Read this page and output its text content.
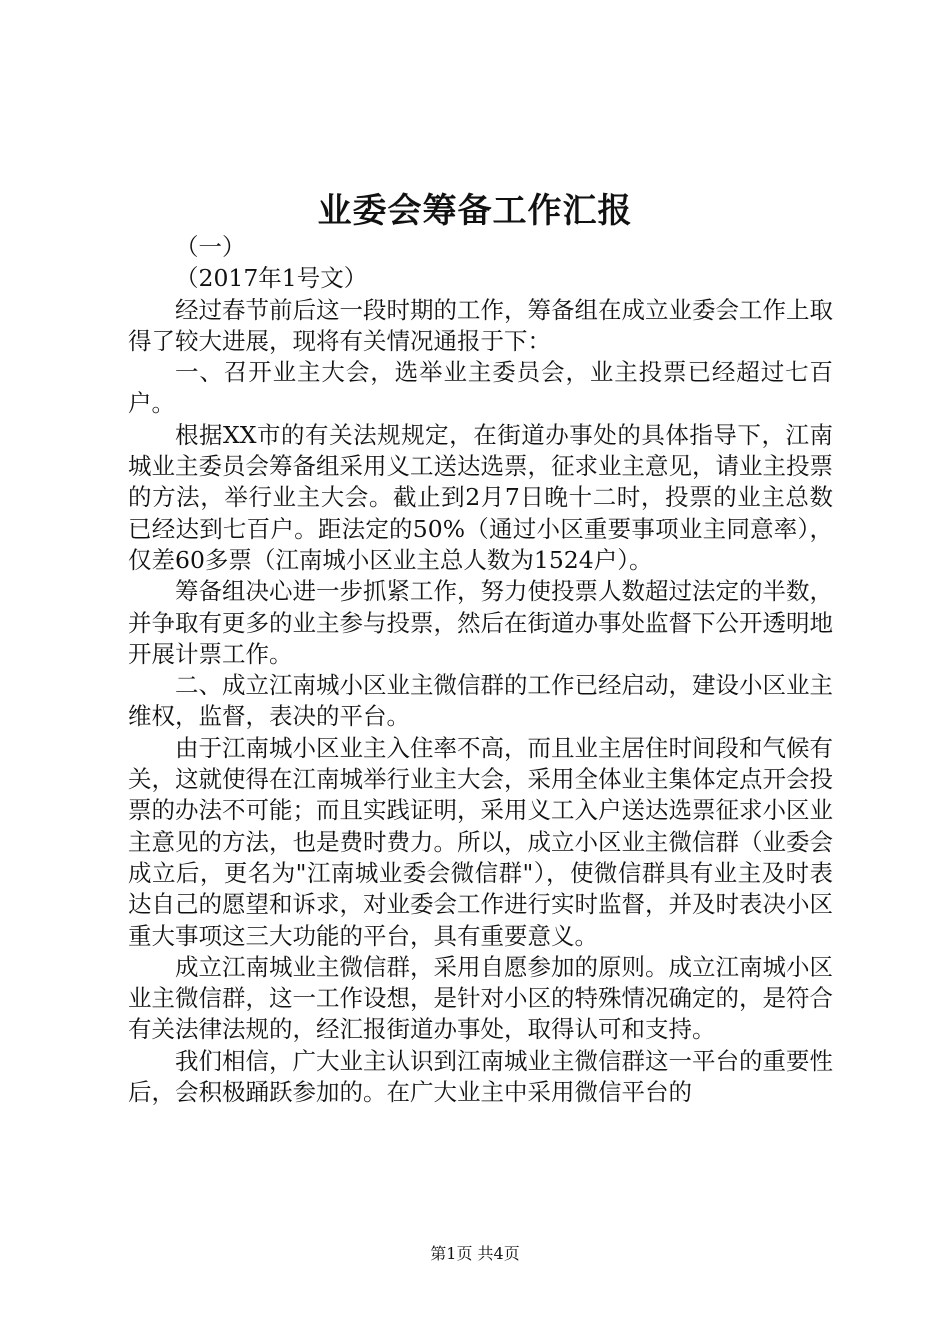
业委会筹备工作汇报

（一）

（2017年1号文）

经过春节前后这一段时期的工作，筹备组在成立业委会工作上取得了较大进展，现将有关情况通报于下：

一、召开业主大会，选举业主委员会，业主投票已经超过七百户。

根据XX市的有关法规规定，在街道办事处的具体指导下，江南城业主委员会筹备组采用义工送达选票，征求业主意见，请业主投票的方法，举行业主大会。截止到2月7日晚十二时，投票的业主总数已经达到七百户。距法定的50%（通过小区重要事项业主同意率），仅差60多票（江南城小区业主总人数为1524户）。

筹备组决心进一步抓紧工作，努力使投票人数超过法定的半数，并争取有更多的业主参与投票，然后在街道办事处监督下公开透明地开展计票工作。

二、成立江南城小区业主微信群的工作已经启动，建设小区业主维权，监督，表决的平台。

由于江南城小区业主入住率不高，而且业主居住时间段和气候有关，这就使得在江南城举行业主大会，采用全体业主集体定点开会投票的办法不可能；而且实践证明，采用义工入户送达选票征求小区业主意见的方法，也是费时费力。所以，成立小区业主微信群（业委会成立后，更名为"江南城业委会微信群"），使微信群具有业主及时表达自己的愿望和诉求，对业委会工作进行实时监督，并及时表决小区重大事项这三大功能的平台，具有重要意义。

成立江南城业主微信群，采用自愿参加的原则。成立江南城小区业主微信群，这一工作设想，是针对小区的特殊情况确定的，是符合有关法律法规的，经汇报街道办事处，取得认可和支持。

我们相信，广大业主认识到江南城业主微信群这一平台的重要性后，会积极踊跃参加的。在广大业主中采用微信平台的

第1页 共4页
